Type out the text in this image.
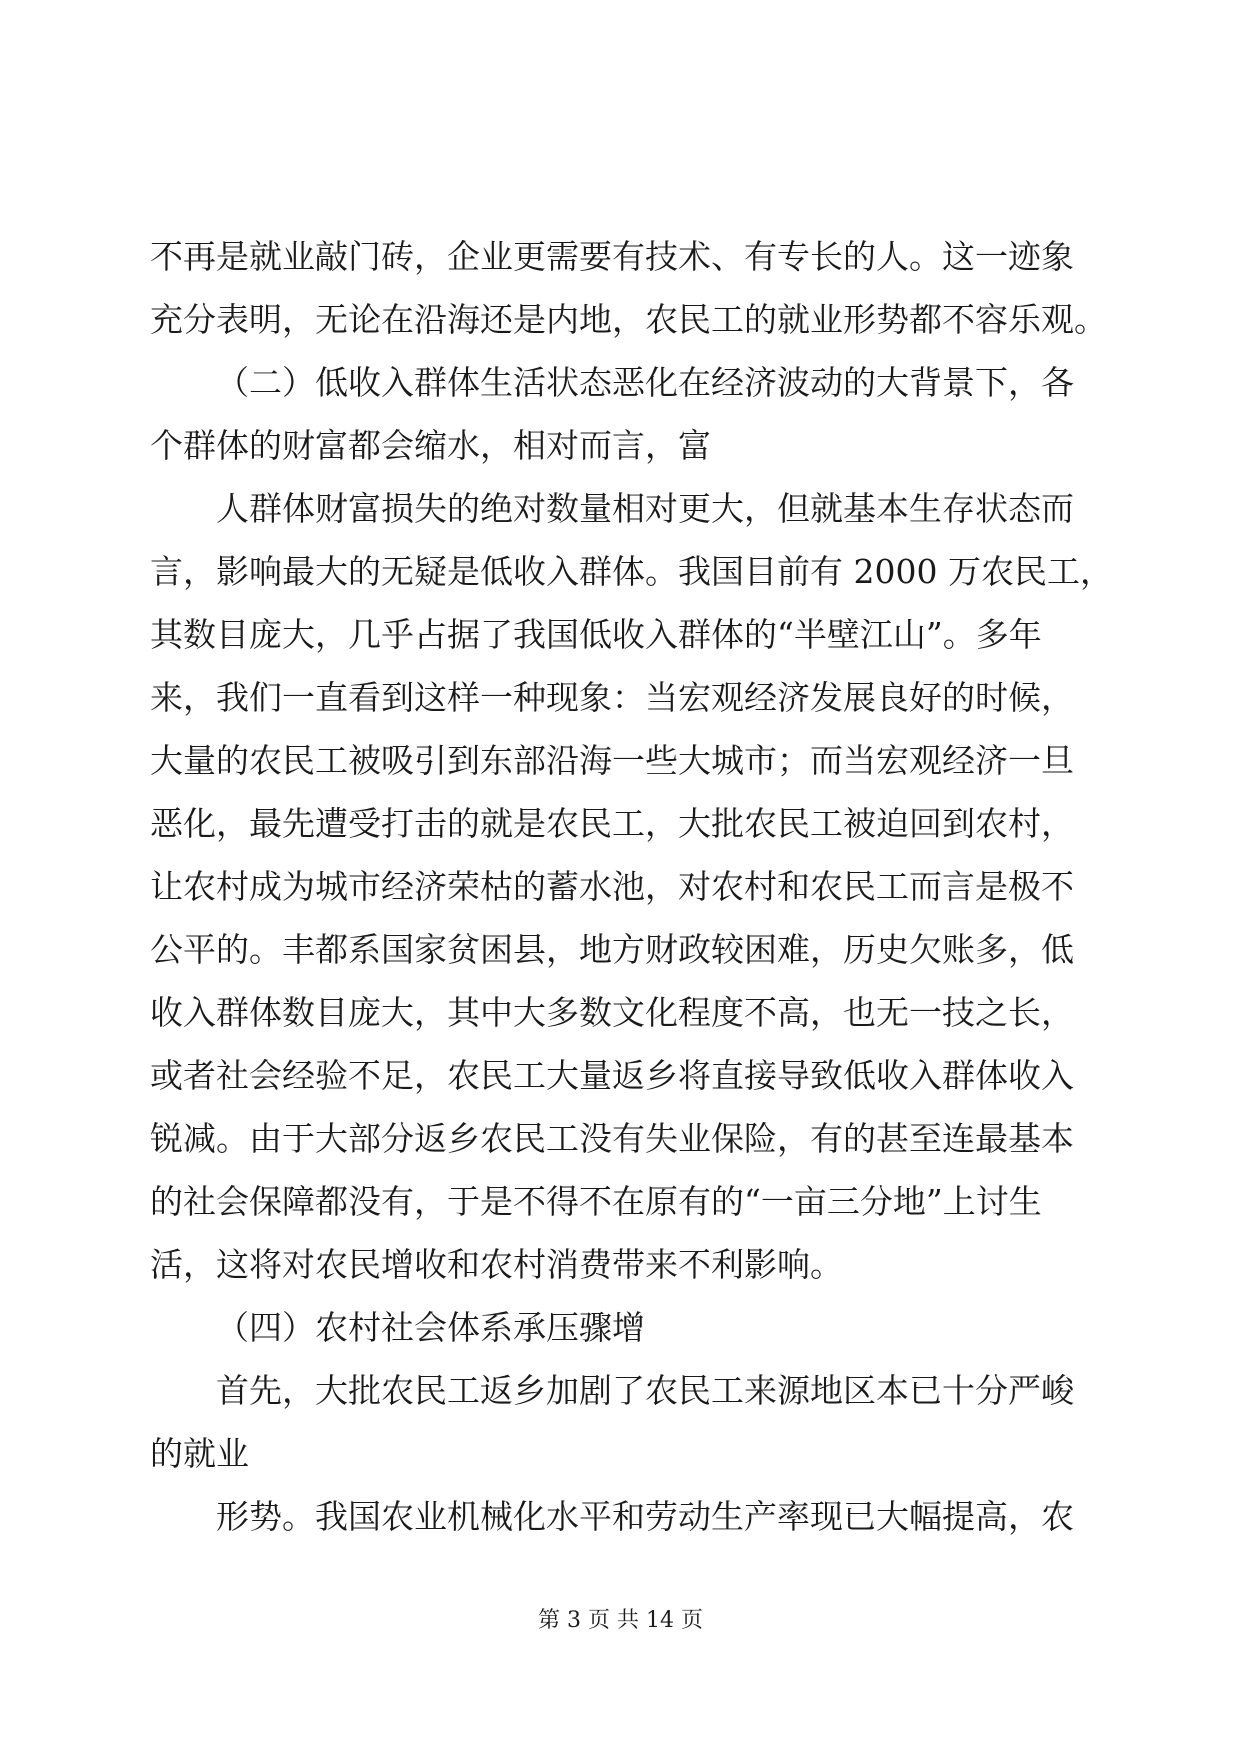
不再是就业敲门砖，企业更需要有技术、有专长的人。这一迹象
充分表明，无论在沿海还是内地，农民工的就业形势都不容乐观。
（二）低收入群体生活状态恶化在经济波动的大背景下，各
个群体的财富都会缩水，相对而言，富
人群体财富损失的绝对数量相对更大，但就基本生存状态而
言，影响最大的无疑是低收入群体。我国目前有 2000 万农民工，
其数目庞大，几乎占据了我国低收入群体的“半壁江山”。多年
来，我们一直看到这样一种现象：当宏观经济发展良好的时候，
大量的农民工被吸引到东部沿海一些大城市；而当宏观经济一旦
恶化，最先遭受打击的就是农民工，大批农民工被迫回到农村，
让农村成为城市经济荣枯的蓄水池，对农村和农民工而言是极不
公平的。丰都系国家贫困县，地方财政较困难，历史欠账多，低
收入群体数目庞大，其中大多数文化程度不高，也无一技之长，
或者社会经验不足，农民工大量返乡将直接导致低收入群体收入
锐减。由于大部分返乡农民工没有失业保险，有的甚至连最基本
的社会保障都没有，于是不得不在原有的“一亩三分地”上讨生
活，这将对农民增收和农村消费带来不利影响。
（四）农村社会体系承压骤增
首先，大批农民工返乡加剧了农民工来源地区本已十分严峻
的就业
形势。我国农业机械化水平和劳动生产率现已大幅提高，农
第 3 页 共 14 页
